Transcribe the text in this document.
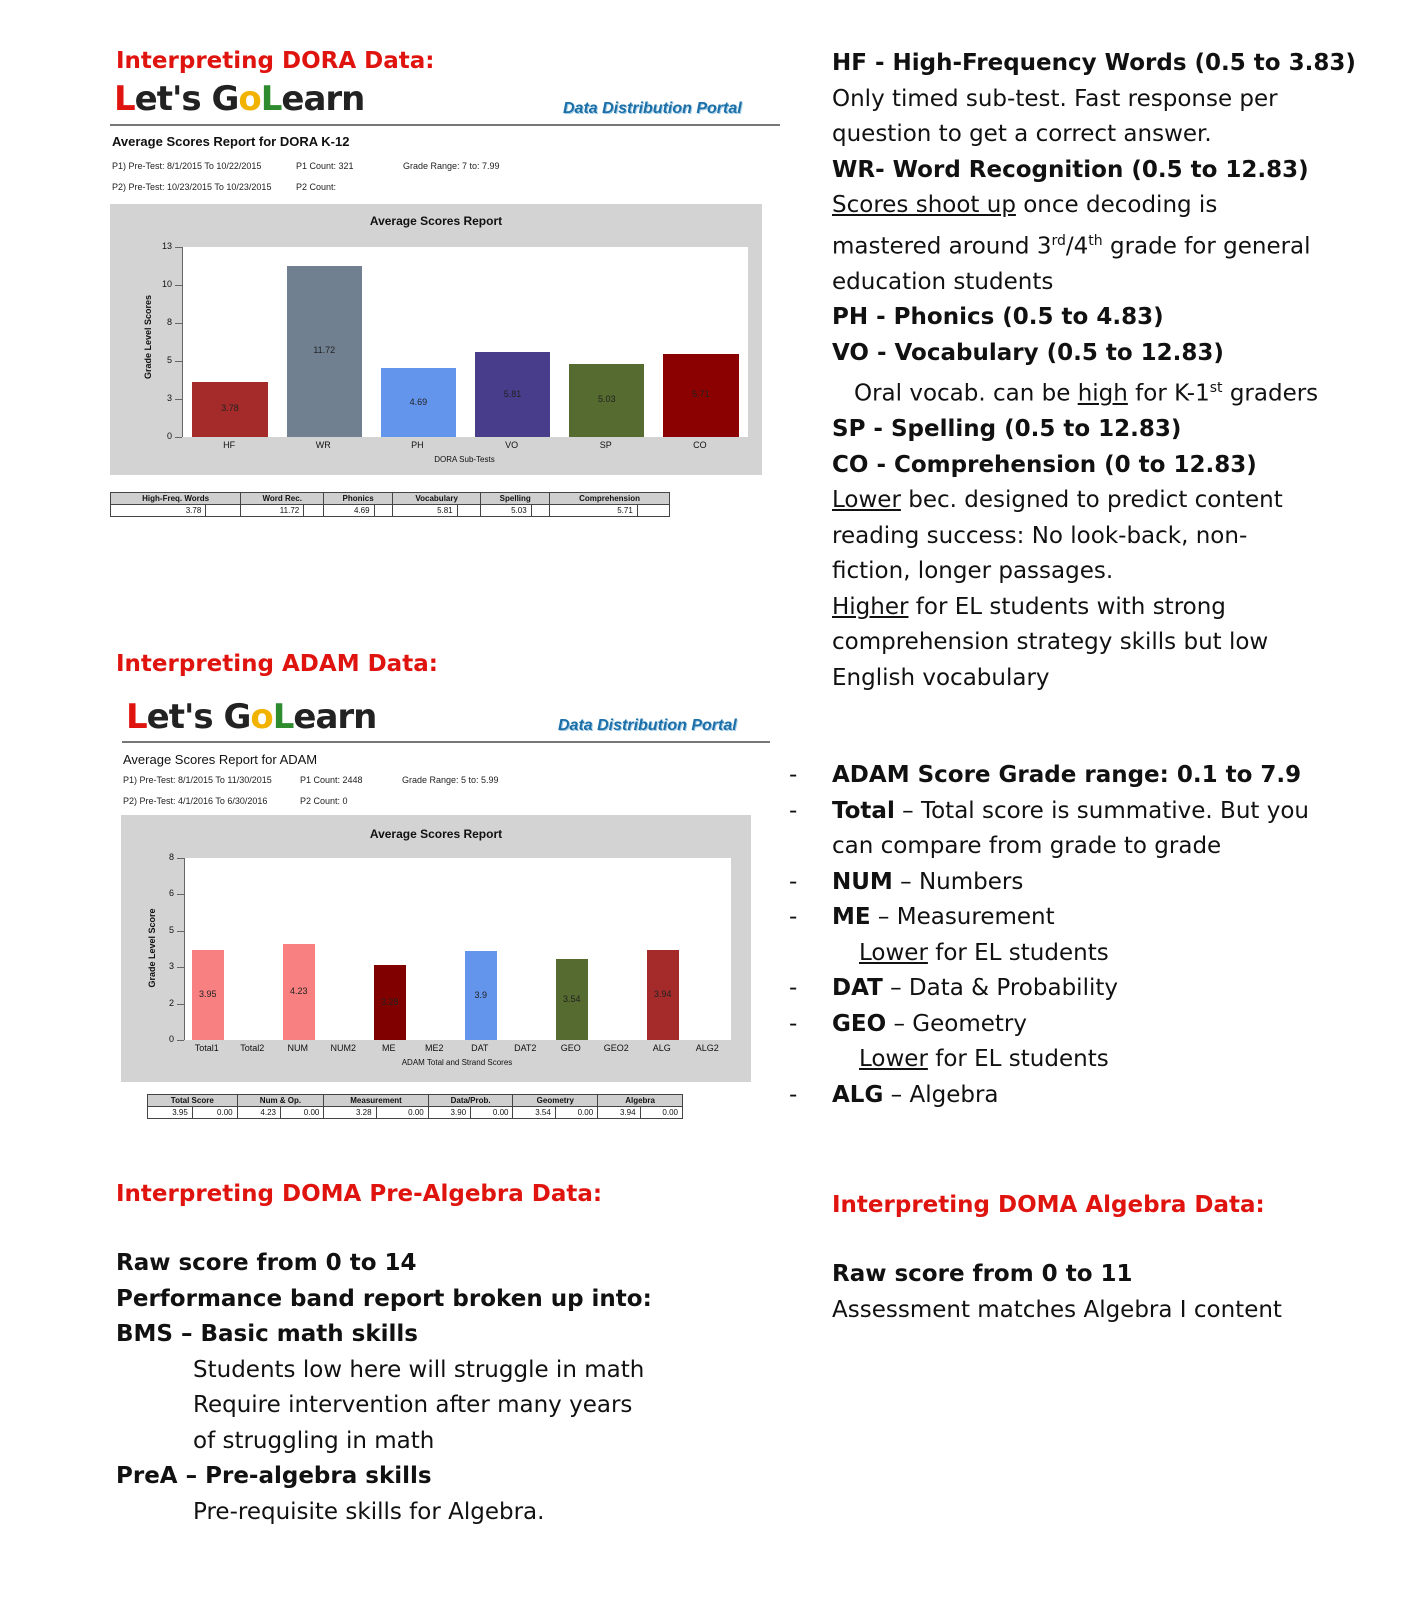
Interpreting DORA Data:
Let's GoLearn	Data Distribution Portal
Average Scores Report for DORA K-12
P1) Pre-Test: 8/1/2015 To 10/22/2015	P1 Count: 321	Grade Range: 7 to: 7.99
P2) Pre-Test: 10/23/2015 To 10/23/2015	P2 Count:
Average Scores Report
Grade Level Scores
0
3
5
8
10
13
3.78
11.72
4.69
5.81
5.03	5.71
HF	WR	PH	VO	SP	CO
DORA Sub-Tests
High-Freq. Words		Word Rec.		Phonics		Vocabulary		Spelling		Comprehension	
3.78		11.72		4.69		5.81		5.03		5.71	
Interpreting ADAM Data:
Let's GoLearn	Data Distribution Portal
Average Scores Report for ADAM
P1) Pre-Test: 8/1/2015 To 11/30/2015	P1 Count: 2448	Grade Range: 5 to: 5.99
P2) Pre-Test: 4/1/2016 To 6/30/2016	P2 Count: 0
Average Scores Report
Grade Level Score
0
2
3
5
6
8
3.95	4.23
3.28
3.9	3.54	3.94
Total1	Total2	NUM	NUM2	ME	ME2	DAT	DAT2	GEO	GEO2	ALG	ALG2
ADAM Total and Strand Scores
Total Score		Num & Op.		Measurement		Data/Prob.		Geometry		Algebra	
3.95	0.00	4.23	0.00	3.28	0.00	3.90	0.00	3.54	0.00	3.94	0.00
HF - High-Frequency Words (0.5 to 3.83)
Only timed sub-test. Fast response per
question to get a correct answer.
WR- Word Recognition (0.5 to 12.83)
Scores shoot up once decoding is
mastered around 3rd/4th grade for general
education students
PH - Phonics (0.5 to 4.83)
VO - Vocabulary (0.5 to 12.83)
Oral vocab. can be high for K-1st graders
SP - Spelling (0.5 to 12.83)
CO - Comprehension (0 to 12.83)
Lower bec. designed to predict content
reading success: No look-back, non-
fiction, longer passages.
Higher for EL students with strong
comprehension strategy skills but low
English vocabulary
- ADAM Score Grade range: 0.1 to 7.9
- Total – Total score is summative. But you
can compare from grade to grade
- NUM – Numbers
- ME – Measurement
Lower for EL students
- DAT – Data & Probability
- GEO – Geometry
Lower for EL students
- ALG – Algebra
Interpreting DOMA Pre-Algebra Data:
Raw score from 0 to 14
Performance band report broken up into:
BMS – Basic math skills
Students low here will struggle in math
Require intervention after many years
of struggling in math
PreA – Pre-algebra skills
Pre-requisite skills for Algebra.
Interpreting DOMA Algebra Data:
Raw score from 0 to 11
Assessment matches Algebra I content
